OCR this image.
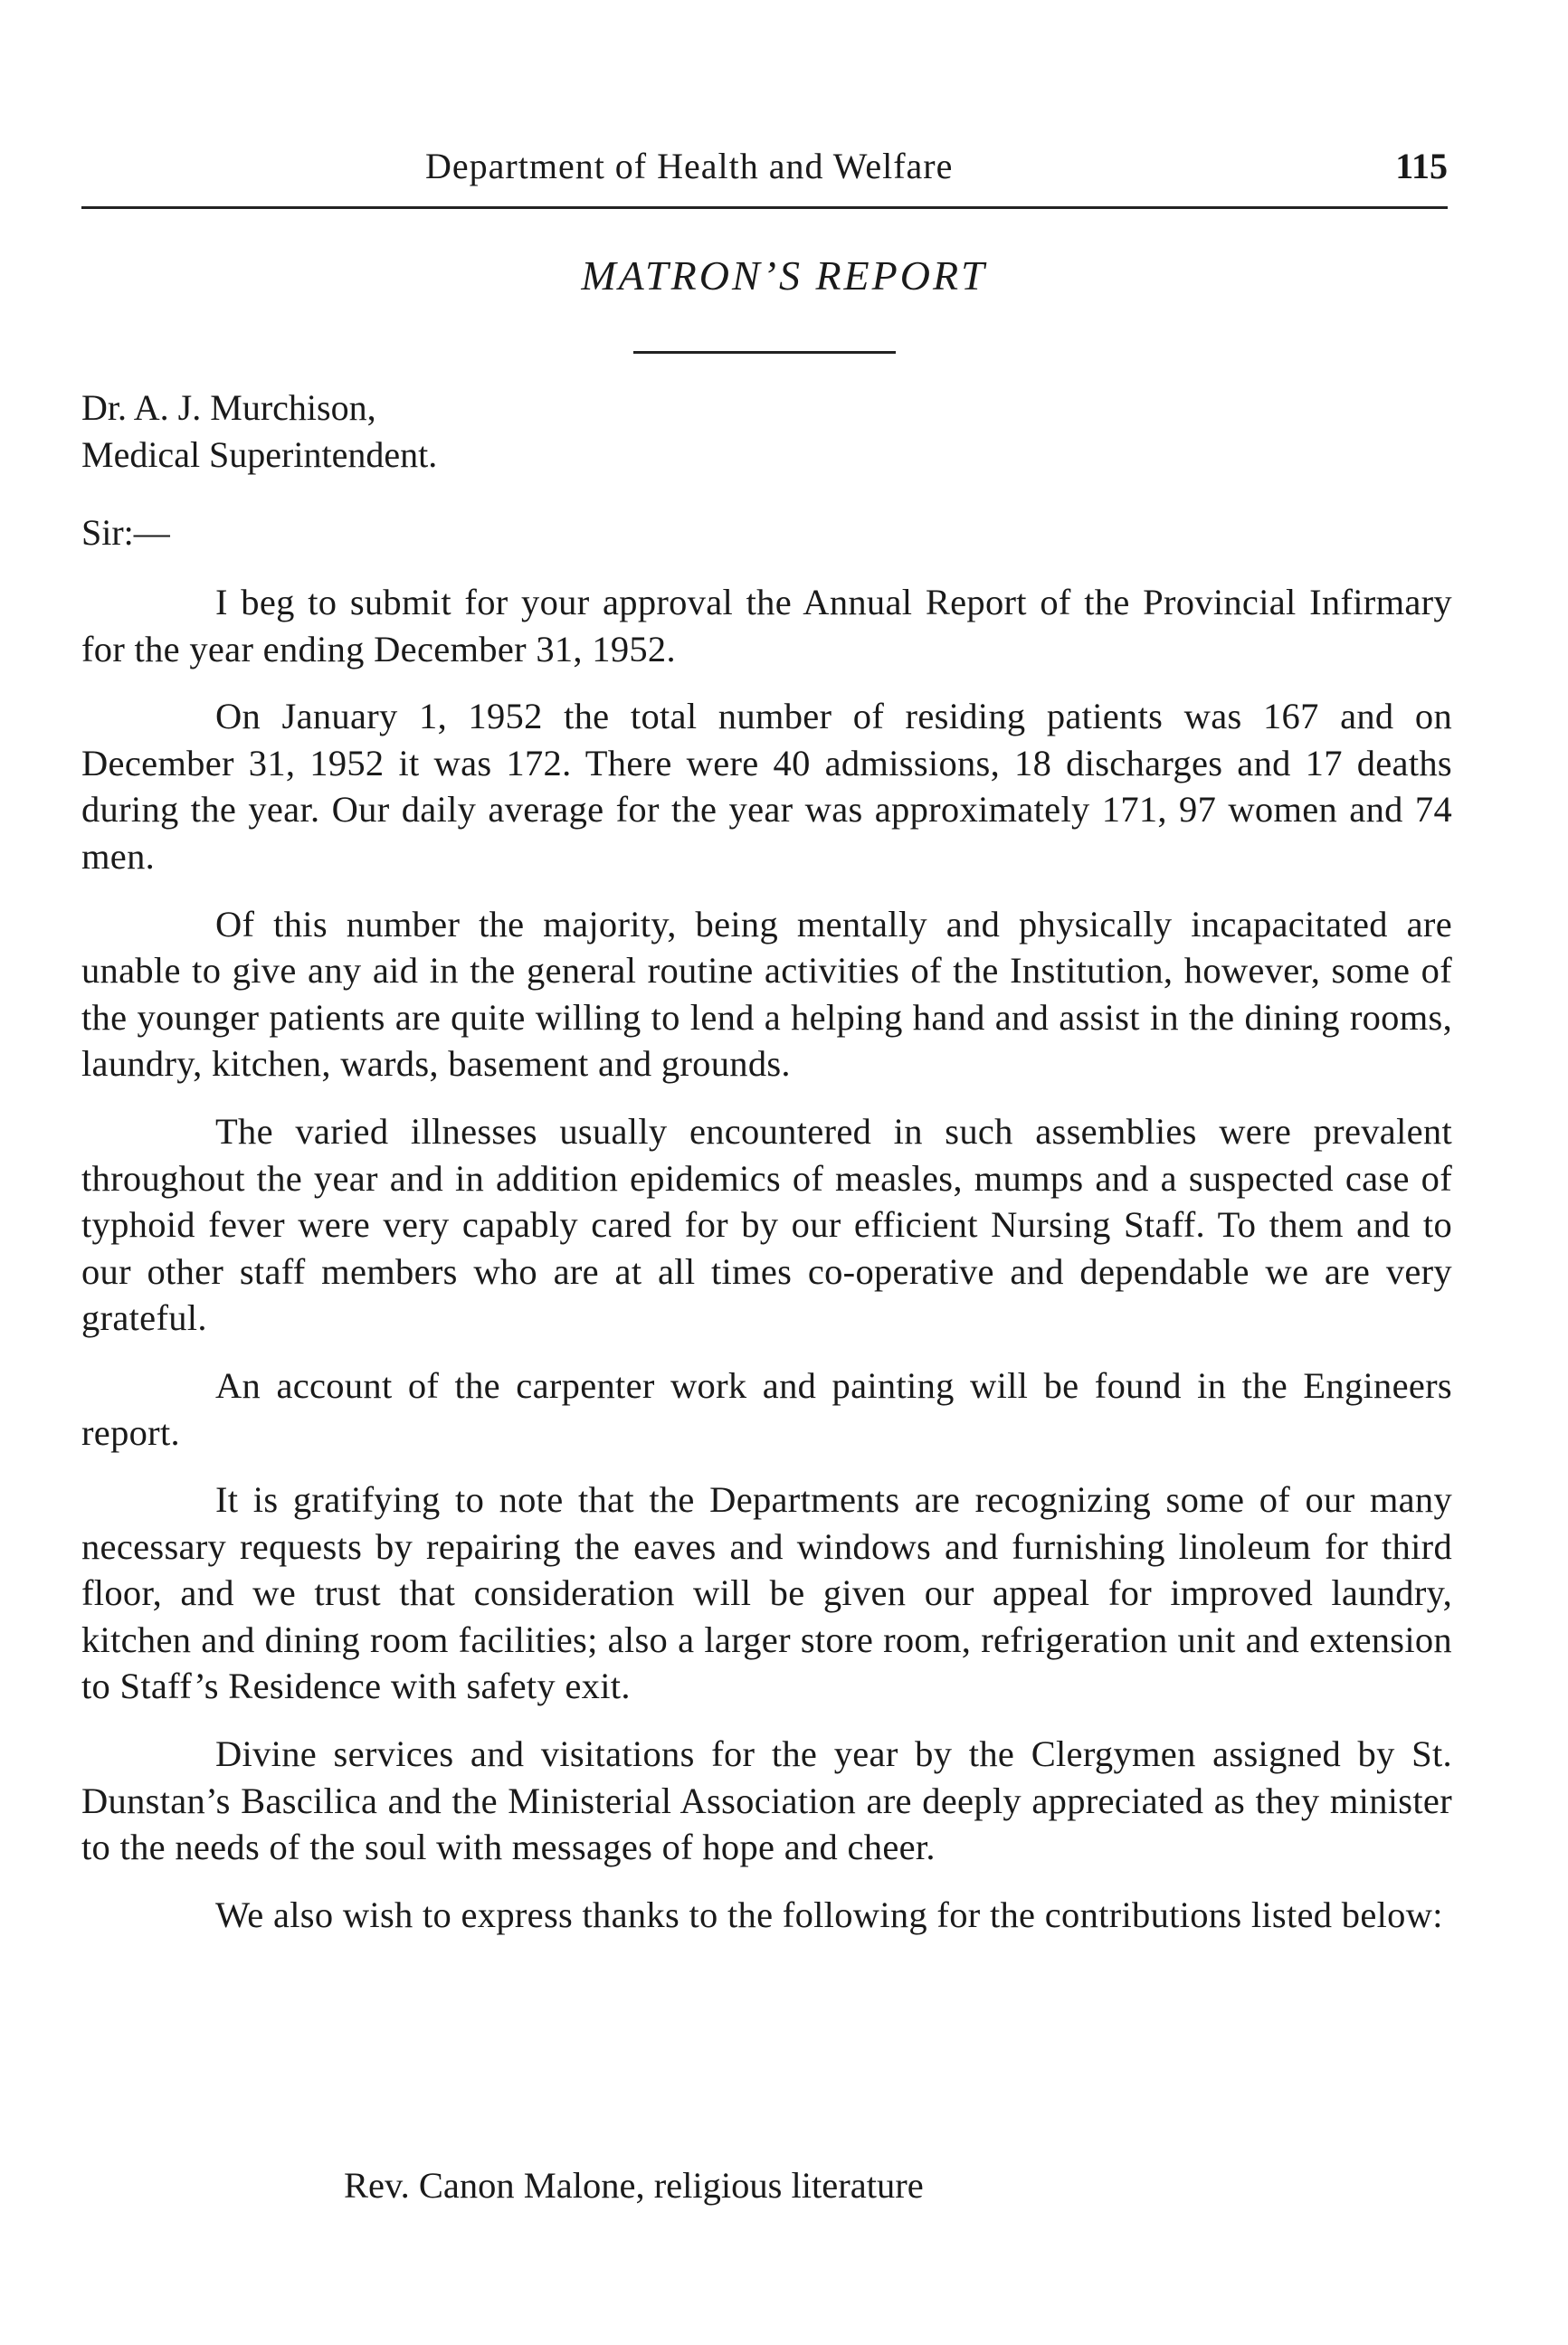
Department of Health and Welfare	115
MATRON’S REPORT
Dr. A. J. Murchison,
Medical Superintendent.
Sir:—

I beg to submit for your approval the Annual Report of the Provincial Infirmary for the year ending December 31, 1952.

On January 1, 1952 the total number of residing patients was 167 and on December 31, 1952 it was 172. There were 40 admissions, 18 discharges and 17 deaths during the year. Our daily average for the year was approximately 171, 97 women and 74 men.

Of this number the majority, being mentally and physically incapacitated are unable to give any aid in the general routine activities of the Institution, however, some of the younger patients are quite willing to lend a helping hand and assist in the dining rooms, laundry, kitchen, wards, basement and grounds.

The varied illnesses usually encountered in such assemblies were prevalent throughout the year and in addition epidemics of measles, mumps and a suspected case of typhoid fever were very capably cared for by our efficient Nursing Staff. To them and to our other staff members who are at all times co-operative and dependable we are very grateful.

An account of the carpenter work and painting will be found in the Engineers report.

It is gratifying to note that the Departments are recognizing some of our many necessary requests by repairing the eaves and windows and furnishing linoleum for third floor, and we trust that consideration will be given our appeal for improved laundry, kitchen and dining room facilities; also a larger store room, refrigeration unit and extension to Staff’s Residence with safety exit.

Divine services and visitations for the year by the Clergymen assigned by St. Dunstan’s Bascilica and the Ministerial Association are deeply appreciated as they minister to the needs of the soul with messages of hope and cheer.

We also wish to express thanks to the following for the contributions listed below:

Rev. Canon Malone, religious literature
